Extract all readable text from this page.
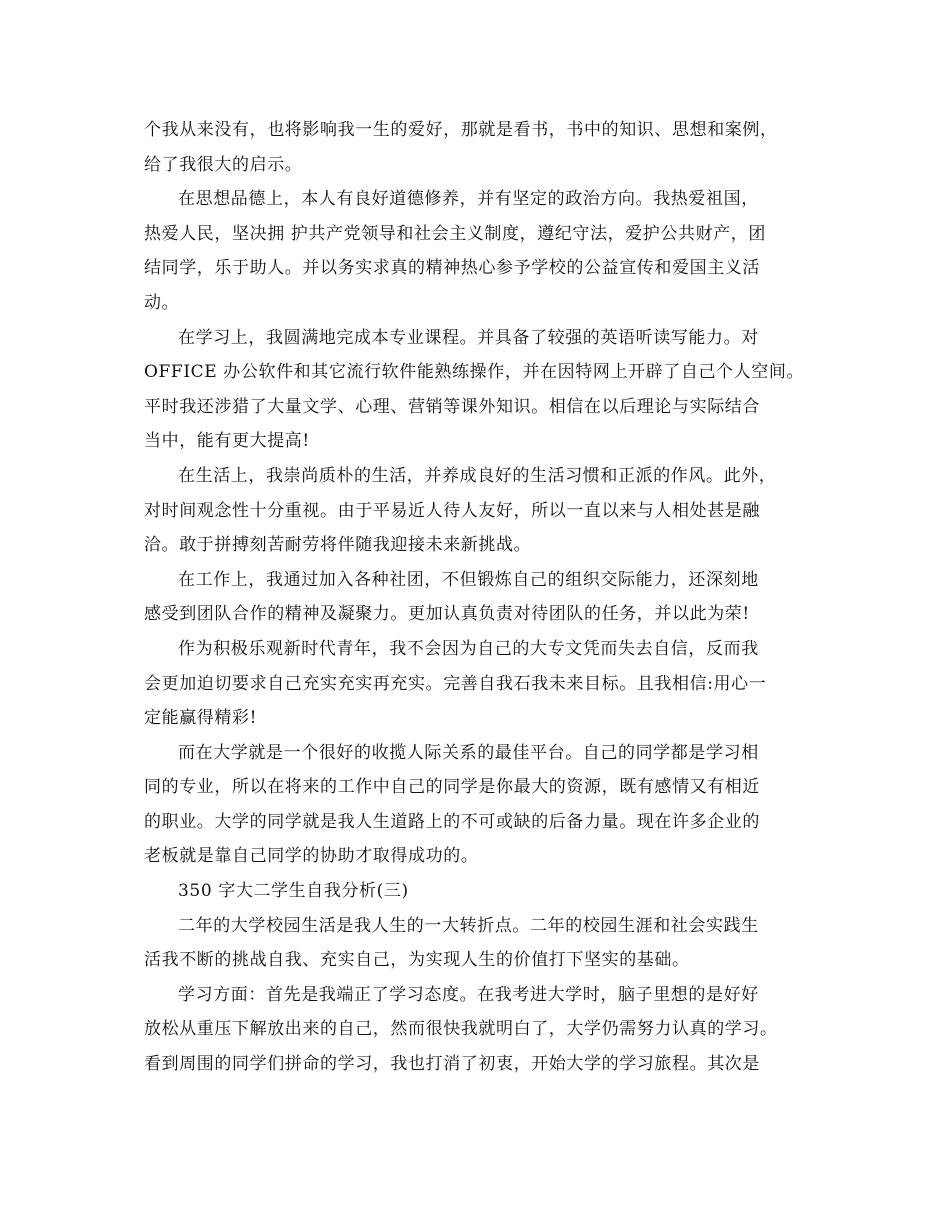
个我从来没有，也将影响我一生的爱好，那就是看书，书中的知识、思想和案例，
给了我很大的启示。

在思想品德上，本人有良好道德修养，并有坚定的政治方向。我热爱祖国，
热爱人民，坚决拥 护共产党领导和社会主义制度，遵纪守法，爱护公共财产，团
结同学，乐于助人。并以务实求真的精神热心参予学校的公益宣传和爱国主义活
动。

在学习上，我圆满地完成本专业课程。并具备了较强的英语听读写能力。对
OFFICE 办公软件和其它流行软件能熟练操作，并在因特网上开辟了自己个人空间。
平时我还涉猎了大量文学、心理、营销等课外知识。相信在以后理论与实际结合
当中，能有更大提高!

在生活上，我崇尚质朴的生活，并养成良好的生活习惯和正派的作风。此外，
对时间观念性十分重视。由于平易近人待人友好，所以一直以来与人相处甚是融
洽。敢于拼搏刻苦耐劳将伴随我迎接未来新挑战。

在工作上，我通过加入各种社团，不但锻炼自己的组织交际能力，还深刻地
感受到团队合作的精神及凝聚力。更加认真负责对待团队的任务，并以此为荣!

作为积极乐观新时代青年，我不会因为自己的大专文凭而失去自信，反而我
会更加迫切要求自己充实充实再充实。完善自我石我未来目标。且我相信:用心一
定能赢得精彩!

而在大学就是一个很好的收揽人际关系的最佳平台。自己的同学都是学习相
同的专业，所以在将来的工作中自己的同学是你最大的资源，既有感情又有相近
的职业。大学的同学就是我人生道路上的不可或缺的后备力量。现在许多企业的
老板就是靠自己同学的协助才取得成功的。

350 字大二学生自我分析(三)

二年的大学校园生活是我人生的一大转折点。二年的校园生涯和社会实践生
活我不断的挑战自我、充实自己，为实现人生的价值打下坚实的基础。

学习方面：首先是我端正了学习态度。在我考进大学时，脑子里想的是好好
放松从重压下解放出来的自己，然而很快我就明白了，大学仍需努力认真的学习。
看到周围的同学们拼命的学习，我也打消了初衷，开始大学的学习旅程。其次是
